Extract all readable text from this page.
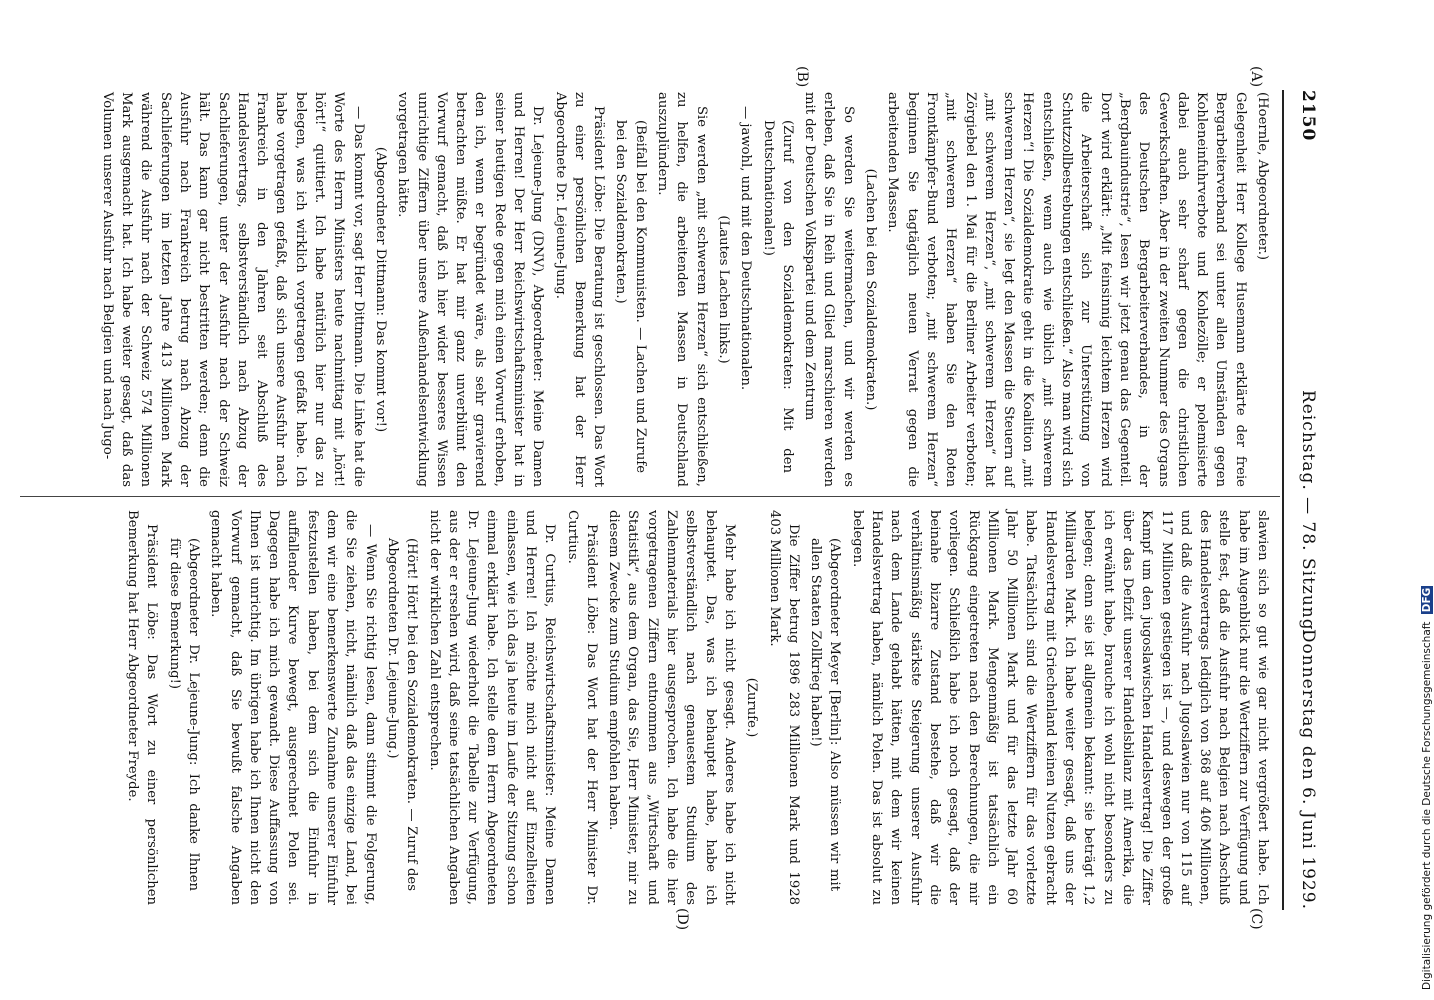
2150
Reichstag. — 78. Sitzung.
Donnerstag den 6. Juni 1929.
(A)
(B)
(C)
(D)

(Hoernle, Abgeordneter.)

Gelegenheit Herr Kollege Husemann erklärte der freie Bergarbeiterverband sei unter allen Umständen gegen Kohleneinfuhrverbote und Kohlezölle; er polemisierte dabei auch sehr scharf gegen die christlichen Gewerkschaften. Aber in der zweiten Nummer des Organs des Deutschen Bergarbeiterverbandes, in der „Bergbauindustrie“, lesen wir jetzt genau das Gegenteil. Dort wird erklärt: „Mit feinsinnig leichtem Herzen wird die Arbeiterschaft sich zur Unterstützung von Schutzzollbestrebungen entschließen.“ Also man wird sich entschließen, wenn auch wie üblich „mit schwerem Herzen“! Die Sozialdemokratie geht in die Koalition „mit schwerem Herzen“, sie legt den Massen die Steuern auf „mit schwerem Herzen“, „mit schwerem Herzen“ hat Zörgiebel den 1. Mai für die Berliner Arbeiter verboten; „mit schwerem Herzen“ haben Sie den Roten Frontkämpfer-Bund verboten; „mit schwerem Herzen“ beginnen Sie tagtäglich neuen Verrat gegen die arbeitenden Massen.

(Lachen bei den Sozialdemokraten.)

So werden Sie weitermachen, und wir werden es erleben, daß Sie in Reih und Glied marschieren werden mit der Deutschen Volkspartei und dem Zentrum

(Zuruf von den Sozialdemokraten: Mit den Deutschnationalen!)

— jawohl, und mit den Deutschnationalen.

(Lautes Lachen links.)

Sie werden „mit schwerem Herzen“ sich entschließen, zu helfen, die arbeitenden Massen in Deutschland auszuplündern.

(Beifall bei den Kommunisten. — Lachen und Zurufe bei den Sozialdemokraten.)

Präsident Löbe: Die Beratung ist geschlossen. Das Wort zu einer persönlichen Bemerkung hat der Herr Abgeordnete Dr. Lejeune-Jung.

Dr. Lejeune-Jung (DNV), Abgeordneter: Meine Damen und Herren! Der Herr Reichswirtschaftsminister hat in seiner heutigen Rede gegen mich einen Vorwurf erhoben, den ich, wenn er begründet wäre, als sehr gravierend betrachten müßte. Er hat mir ganz unverblümt den Vorwurf gemacht, daß ich hier wider besseres Wissen unrichtige Ziffern über unsere Außenhandelsentwicklung vorgetragen hätte.

(Abgeordneter Dittmann: Das kommt vor!)

— Das kommt vor, sagt Herr Dittmann. Die Linke hat die Worte des Herrn Ministers heute nachmittag mit „hört! hört!“ quittiert. Ich habe natürlich hier nur das zu belegen, was ich wirklich vorgetragen gefaßt habe. Ich habe vorgetragen gefaßt, daß sich unsere Ausfuhr nach Frankreich in den Jahren seit Abschluß des Handelsvertrags, selbstverständlich nach Abzug der Sachlieferungen, unter der Ausfuhr nach der Schweiz hält. Das kann gar nicht bestritten werden; denn die Ausfuhr nach Frankreich betrug nach Abzug der Sachlieferungen im letzten Jahre 413 Millionen Mark während die Ausfuhr nach der Schweiz 574 Millionen Mark ausgemacht hat. Ich habe weiter gesagt, daß das Volumen unserer Ausfuhr nach Belgien und nach Jugo-

slawien sich so gut wie gar nicht vergrößert habe. Ich habe im Augenblick nur die Wertziffern zur Verfügung und stelle fest, daß die Ausfuhr nach Belgien nach Abschluß des Handelsvertrags lediglich von 368 auf 406 Millionen, und daß die Ausfuhr nach Jugoslawien nur von 115 auf 117 Millionen gestiegen ist —, und deswegen der große Kampf um den jugoslawischen Handelsvertrag! Die Ziffer über das Defizit unserer Handelsbilanz mit Amerika, die ich erwähnt habe, brauche ich wohl nicht besonders zu belegen; denn sie ist allgemein bekannt: sie beträgt 1,2 Milliarden Mark. Ich habe weiter gesagt, daß uns der Handelsvertrag mit Griechenland keinen Nutzen gebracht habe. Tatsächlich sind die Wertziffern für das vorletzte Jahr 50 Millionen Mark und für das letzte Jahr 60 Millionen Mark. Mengenmäßig ist tatsächlich ein Rückgang eingetreten nach den Berechnungen, die mir vorliegen. Schließlich habe ich noch gesagt, daß der beinahe bizarre Zustand bestehe, daß wir die verhältnismäßig stärkste Steigerung unserer Ausfuhr nach dem Lande gehabt hätten, mit dem wir keinen Handelsvertrag haben, nämlich Polen. Das ist absolut zu belegen.

(Abgeordneter Meyer [Berlin]: Also müssen wir mit allen Staaten Zollkrieg haben!)

Die Ziffer betrug 1896 283 Millionen Mark und 1928 403 Millionen Mark.

(Zurufe.)

Mehr habe ich nicht gesagt. Anderes habe ich nicht behauptet. Das, was ich behauptet habe, habe ich selbstverständlich nach genauestem Studium des Zahlenmaterials hier ausgesprochen. Ich habe die hier vorgetragenen Ziffern entnommen aus „Wirtschaft und Statistik“, aus dem Organ, das Sie, Herr Minister, mir zu diesem Zwecke zum Studium empfohlen haben.

Präsident Löbe: Das Wort hat der Herr Minister Dr. Curtius.

Dr. Curtius, Reichswirtschaftsminister: Meine Damen und Herren! Ich möchte mich nicht auf Einzelheiten einlassen, wie ich das ja heute im Laufe der Sitzung schon einmal erklärt habe. Ich stelle dem Herrn Abgeordneten Dr. Lejeune-Jung wiederholt die Tabelle zur Verfügung, aus der er ersehen wird, daß seine tatsächlichen Angaben nicht der wirklichen Zahl entsprechen.

(Hört! Hört! bei den Sozialdemokraten. — Zuruf des Abgeordneten Dr. Lejeune-Jung.)

— Wenn Sie richtig lesen, dann stimmt die Folgerung, die Sie ziehen, nicht, nämlich daß das einzige Land, bei dem wir eine bemerkenswerte Zunahme unserer Einfuhr festzustellen haben, bei dem sich die Einfuhr in auffallender Kurve bewegt, ausgerechnet Polen sei. Dagegen habe ich mich gewandt. Diese Auffassung von Ihnen ist unrichtig. Im übrigen habe ich Ihnen nicht den Vorwurf gemacht, daß Sie bewußt falsche Angaben gemacht haben.

(Abgeordneter Dr. Lejeune-Jung: Ich danke Ihnen für diese Bemerkung!)

Präsident Löbe: Das Wort zu einer persönlichen Bemerkung hat Herr Abgeordneter Freyde.	Digitalisierung gefördert durch die Deutsche Forschungsgemeinschaft DFG
